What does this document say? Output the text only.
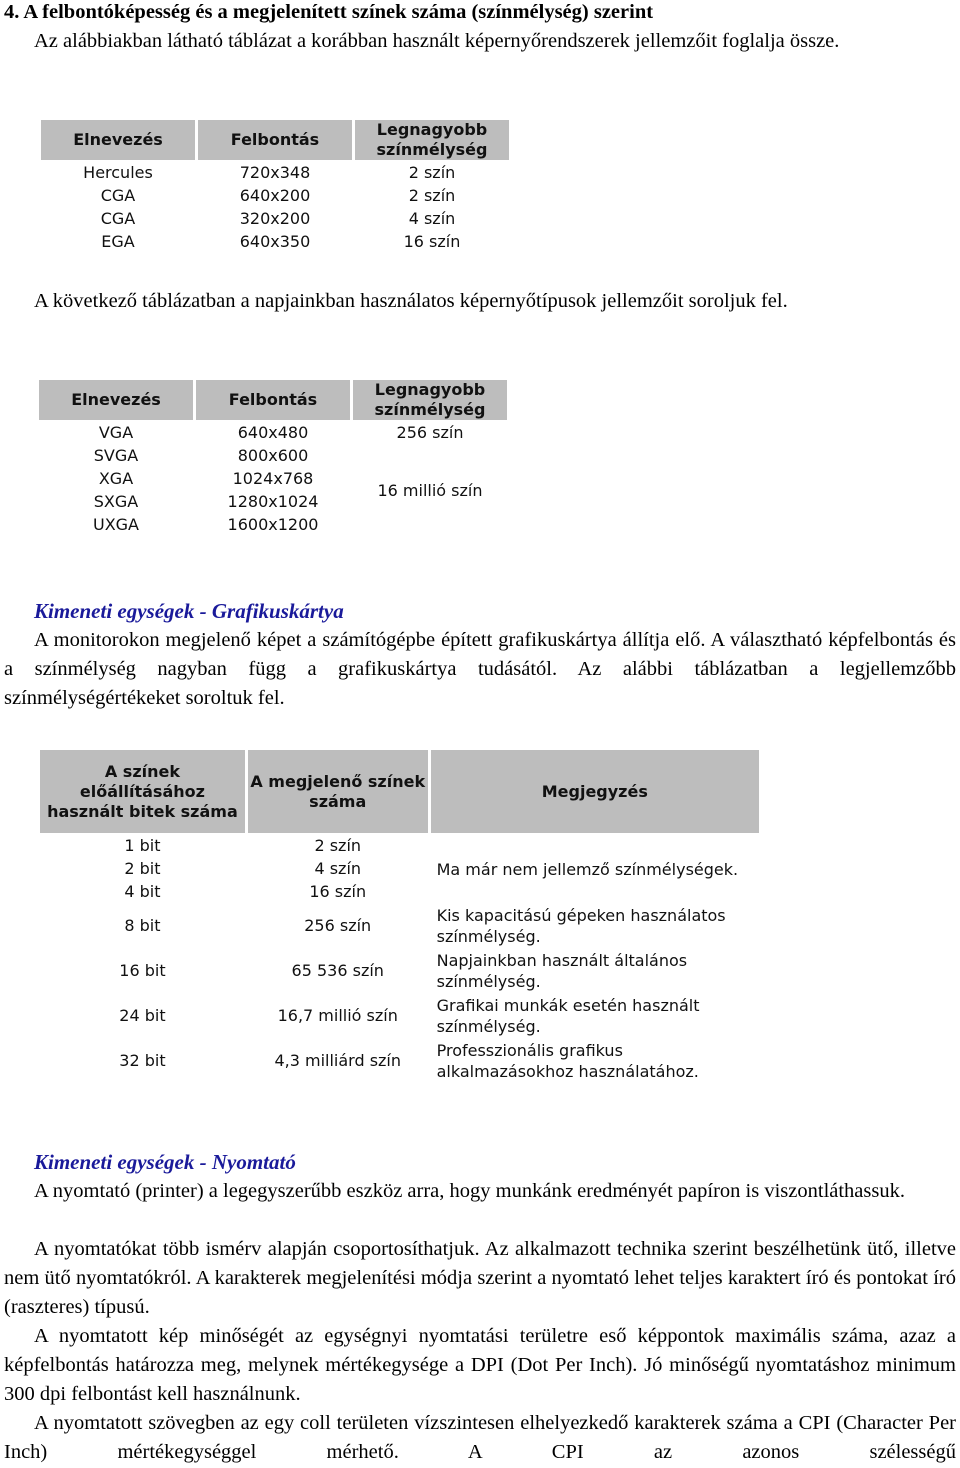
4. A felbontóképesség és a megjelenített színek száma (színmélység) szerint
Az alábbiakban látható táblázat a korábban használt képernyőrendszerek jellemzőit foglalja össze.
Elnevezés	Felbontás	Legnagyobb színmélység
Hercules	720x348	2 szín
CGA	640x200	2 szín
CGA	320x200	4 szín
EGA	640x350	16 szín
A következő táblázatban a napjainkban használatos képernyőtípusok jellemzőit soroljuk fel.
Elnevezés	Felbontás	Legnagyobb színmélység
VGA	640x480	256 szín
SVGA	800x600	16 millió szín
XGA	1024x768	
SXGA	1280x1024	
UXGA	1600x1200	
Kimeneti egységek - Grafikuskártya
A monitorokon megjelenő képet a számítógépbe épített grafikuskártya állítja elő. A választható képfelbontás és a színmélység nagyban függ a grafikuskártya tudásától. Az alábbi táblázatban a legjellemzőbb színmélységértékeket soroltuk fel.
A színek előállításához használt bitek száma	A megjelenő színek száma	Megjegyzés
1 bit	2 szín	Ma már nem jellemző színmélységek.
2 bit	4 szín	
4 bit	16 szín	
8 bit	256 szín	Kis kapacitású gépeken használatos színmélység.
16 bit	65 536 szín	Napjainkban használt általános színmélység.
24 bit	16,7 millió szín	Grafikai munkák esetén használt színmélység.
32 bit	4,3 milliárd szín	Professzionális grafikus alkalmazásokhoz használatához.
Kimeneti egységek - Nyomtató
A nyomtató (printer) a legegyszerűbb eszköz arra, hogy munkánk eredményét papíron is viszontláthassuk.
A nyomtatókat több ismérv alapján csoportosíthatjuk. Az alkalmazott technika szerint beszélhetünk ütő, illetve nem ütő nyomtatókról. A karakterek megjelenítési módja szerint a nyomtató lehet teljes karaktert író és pontokat író (raszteres) típusú.
A nyomtatott kép minőségét az egységnyi nyomtatási területre eső képpontok maximális száma, azaz a képfelbontás határozza meg, melynek mértékegysége a DPI (Dot Per Inch). Jó minőségű nyomtatáshoz minimum 300 dpi felbontást kell használnunk.
A nyomtatott szövegben az egy coll területen vízszintesen elhelyezkedő karakterek száma a CPI (Character Per Inch) mértékegységgel mérhető. A CPI az azonos szélességű
